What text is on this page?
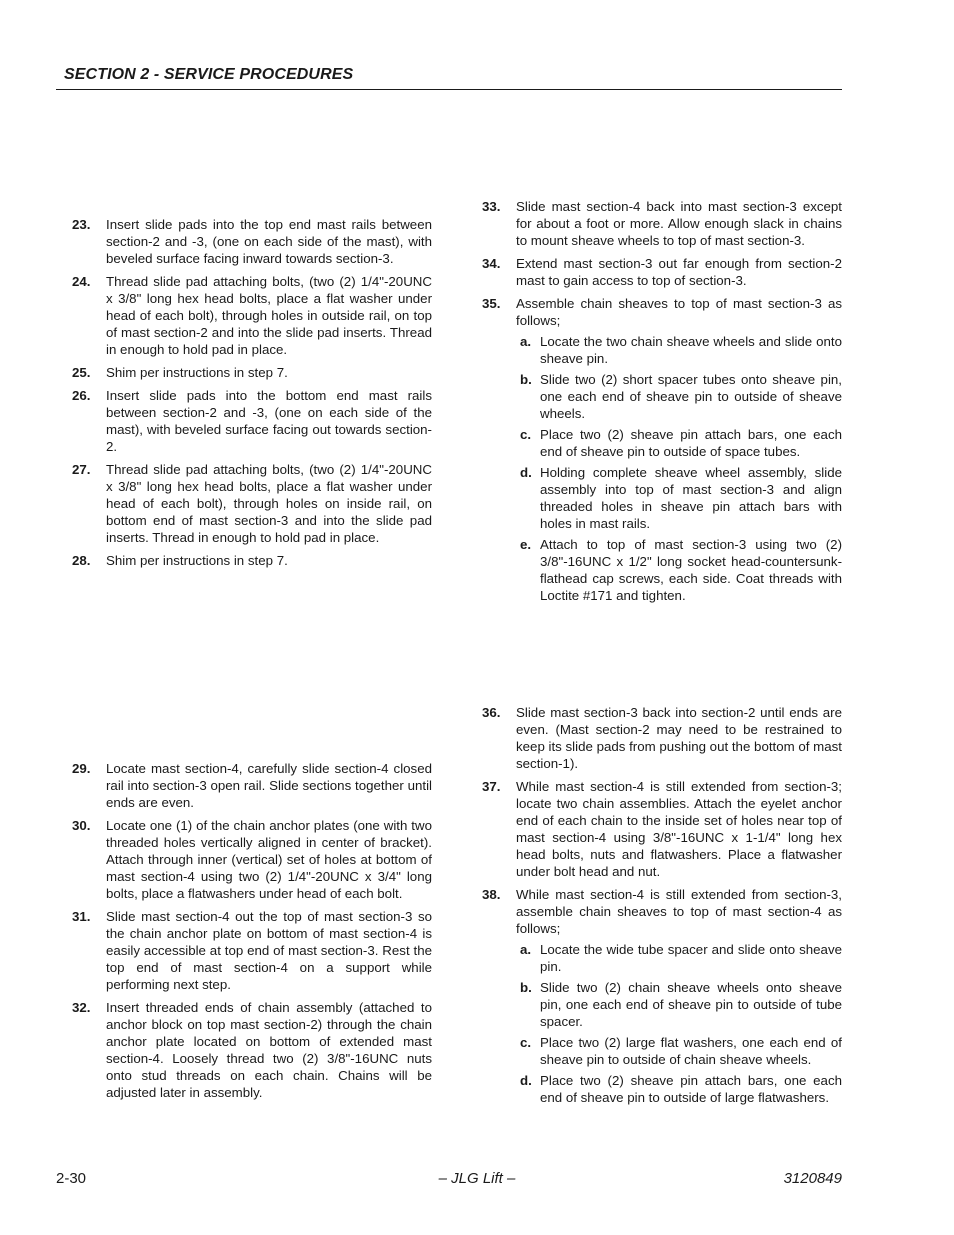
SECTION 2 - SERVICE PROCEDURES
23. Insert slide pads into the top end mast rails between section-2 and -3, (one on each side of the mast), with beveled surface facing inward towards section-3.
24. Thread slide pad attaching bolts, (two (2) 1/4"-20UNC x 3/8" long hex head bolts, place a flat washer under head of each bolt), through holes in outside rail, on top of mast section-2 and into the slide pad inserts. Thread in enough to hold pad in place.
25. Shim per instructions in step 7.
26. Insert slide pads into the bottom end mast rails between section-2 and -3, (one on each side of the mast), with beveled surface facing out towards section-2.
27. Thread slide pad attaching bolts, (two (2) 1/4"-20UNC x 3/8" long hex head bolts, place a flat washer under head of each bolt), through holes on inside rail, on bottom end of mast section-3 and into the slide pad inserts. Thread in enough to hold pad in place.
28. Shim per instructions in step 7.
29. Locate mast section-4, carefully slide section-4 closed rail into section-3 open rail. Slide sections together until ends are even.
30. Locate one (1) of the chain anchor plates (one with two threaded holes vertically aligned in center of bracket). Attach through inner (vertical) set of holes at bottom of mast section-4 using two (2) 1/4"-20UNC x 3/4" long bolts, place a flatwashers under head of each bolt.
31. Slide mast section-4 out the top of mast section-3 so the chain anchor plate on bottom of mast section-4 is easily accessible at top end of mast section-3. Rest the top end of mast section-4 on a support while performing next step.
32. Insert threaded ends of chain assembly (attached to anchor block on top mast section-2) through the chain anchor plate located on bottom of extended mast section-4. Loosely thread two (2) 3/8"-16UNC nuts onto stud threads on each chain. Chains will be adjusted later in assembly.
33. Slide mast section-4 back into mast section-3 except for about a foot or more. Allow enough slack in chains to mount sheave wheels to top of mast section-3.
34. Extend mast section-3 out far enough from section-2 mast to gain access to top of section-3.
35. Assemble chain sheaves to top of mast section-3 as follows;
a. Locate the two chain sheave wheels and slide onto sheave pin.
b. Slide two (2) short spacer tubes onto sheave pin, one each end of sheave pin to outside of sheave wheels.
c. Place two (2) sheave pin attach bars, one each end of sheave pin to outside of space tubes.
d. Holding complete sheave wheel assembly, slide assembly into top of mast section-3 and align threaded holes in sheave pin attach bars with holes in mast rails.
e. Attach to top of mast section-3 using two (2) 3/8"-16UNC x 1/2" long socket head-countersunk-flathead cap screws, each side. Coat threads with Loctite #171 and tighten.
36. Slide mast section-3 back into section-2 until ends are even. (Mast section-2 may need to be restrained to keep its slide pads from pushing out the bottom of mast section-1).
37. While mast section-4 is still extended from section-3; locate two chain assemblies. Attach the eyelet anchor end of each chain to the inside set of holes near top of mast section-4 using 3/8"-16UNC x 1-1/4" long hex head bolts, nuts and flatwashers. Place a flatwasher under bolt head and nut.
38. While mast section-4 is still extended from section-3, assemble chain sheaves to top of mast section-4 as follows;
a. Locate the wide tube spacer and slide onto sheave pin.
b. Slide two (2) chain sheave wheels onto sheave pin, one each end of sheave pin to outside of tube spacer.
c. Place two (2) large flat washers, one each end of sheave pin to outside of chain sheave wheels.
d. Place two (2) sheave pin attach bars, one each end of sheave pin to outside of large flatwashers.
2-30	– JLG Lift –	3120849
